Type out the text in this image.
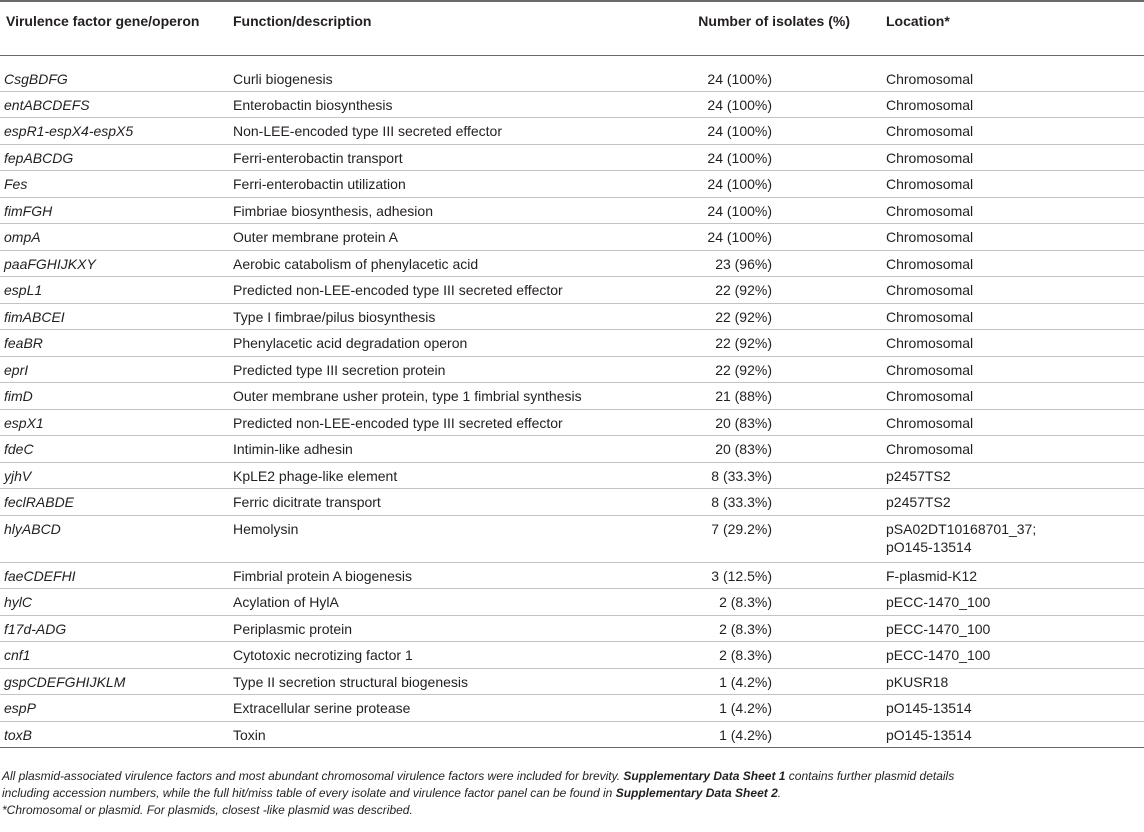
Virulence factor gene/operon	Function/description	Number of isolates (%)	Location*
CsgBDFG	Curli biogenesis	24 (100%)	Chromosomal
entABCDEFS	Enterobactin biosynthesis	24 (100%)	Chromosomal
espR1-espX4-espX5	Non-LEE-encoded type III secreted effector	24 (100%)	Chromosomal
fepABCDG	Ferri-enterobactin transport	24 (100%)	Chromosomal
Fes	Ferri-enterobactin utilization	24 (100%)	Chromosomal
fimFGH	Fimbriae biosynthesis, adhesion	24 (100%)	Chromosomal
ompA	Outer membrane protein A	24 (100%)	Chromosomal
paaFGHIJKXY	Aerobic catabolism of phenylacetic acid	23 (96%)	Chromosomal
espL1	Predicted non-LEE-encoded type III secreted effector	22 (92%)	Chromosomal
fimABCEI	Type I fimbrae/pilus biosynthesis	22 (92%)	Chromosomal
feaBR	Phenylacetic acid degradation operon	22 (92%)	Chromosomal
eprI	Predicted type III secretion protein	22 (92%)	Chromosomal
fimD	Outer membrane usher protein, type 1 fimbrial synthesis	21 (88%)	Chromosomal
espX1	Predicted non-LEE-encoded type III secreted effector	20 (83%)	Chromosomal
fdeC	Intimin-like adhesin	20 (83%)	Chromosomal
yjhV	KpLE2 phage-like element	8 (33.3%)	p2457TS2
feclRABDE	Ferric dicitrate transport	8 (33.3%)	p2457TS2
hlyABCD	Hemolysin	7 (29.2%)	pSA02DT10168701_37;
pO145-13514

faeCDEFHI	Fimbrial protein A biogenesis	3 (12.5%)	F-plasmid-K12
hylC	Acylation of HylA	2 (8.3%)	pECC-1470_100
f17d-ADG	Periplasmic protein	2 (8.3%)	pECC-1470_100
cnf1	Cytotoxic necrotizing factor 1	2 (8.3%)	pECC-1470_100
gspCDEFGHIJKLM	Type II secretion structural biogenesis	1 (4.2%)	pKUSR18
espP	Extracellular serine protease	1 (4.2%)	pO145-13514
toxB	Toxin	1 (4.2%)	pO145-13514

All plasmid-associated virulence factors and most abundant chromosomal virulence factors were included for brevity. Supplementary Data Sheet 1 contains further plasmid details

including accession numbers, while the full hit/miss table of every isolate and virulence factor panel can be found in Supplementary Data Sheet 2.

*Chromosomal or plasmid. For plasmids, closest -like plasmid was described.
